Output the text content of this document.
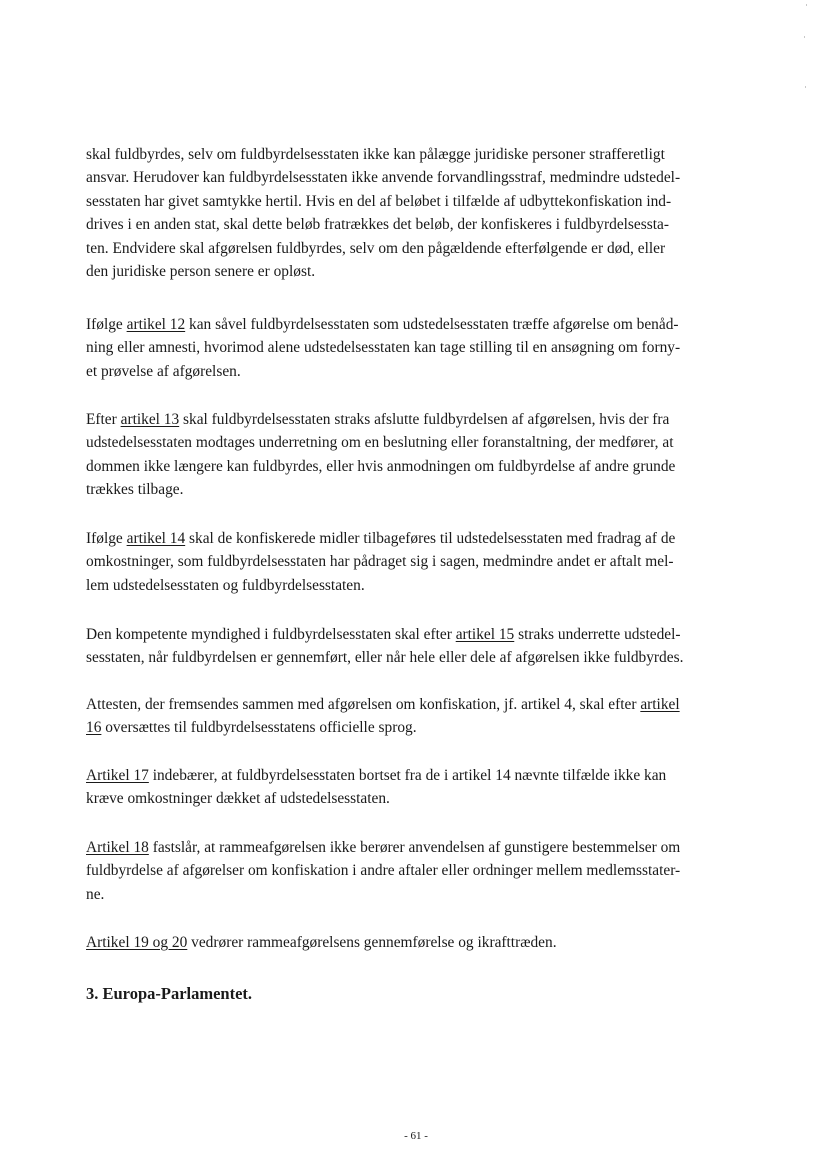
skal fuldbyrdes, selv om fuldbyrdelsesstaten ikke kan pålægge juridiske personer strafferetligt
ansvar. Herudover kan fuldbyrdelsesstaten ikke anvende forvandlingsstraf, medmindre udstedel-
sesstaten har givet samtykke hertil. Hvis en del af beløbet i tilfælde af udbyttekonfiskation ind-
drives i en anden stat, skal dette beløb fratrækkes det beløb, der konfiskeres i fuldbyrdelsessta-
ten. Endvidere skal afgørelsen fuldbyrdes, selv om den pågældende efterfølgende er død, eller
den juridiske person senere er opløst.

Ifølge artikel 12 kan såvel fuldbyrdelsesstaten som udstedelsesstaten træffe afgørelse om benåd-
ning eller amnesti, hvorimod alene udstedelsesstaten kan tage stilling til en ansøgning om forny-
et prøvelse af afgørelsen.

Efter artikel 13 skal fuldbyrdelsesstaten straks afslutte fuldbyrdelsen af afgørelsen, hvis der fra
udstedelsesstaten modtages underretning om en beslutning eller foranstaltning, der medfører, at
dommen ikke længere kan fuldbyrdes, eller hvis anmodningen om fuldbyrdelse af andre grunde
trækkes tilbage.

Ifølge artikel 14 skal de konfiskerede midler tilbageføres til udstedelsesstaten med fradrag af de
omkostninger, som fuldbyrdelsesstaten har pådraget sig i sagen, medmindre andet er aftalt mel-
lem udstedelsesstaten og fuldbyrdelsesstaten.

Den kompetente myndighed i fuldbyrdelsesstaten skal efter artikel 15 straks underrette udstedel-
sesstaten, når fuldbyrdelsen er gennemført, eller når hele eller dele af afgørelsen ikke fuldbyrdes.

Attesten, der fremsendes sammen med afgørelsen om konfiskation, jf. artikel 4, skal efter artikel
16 oversættes til fuldbyrdelsesstatens officielle sprog.

Artikel 17 indebærer, at fuldbyrdelsesstaten bortset fra de i artikel 14 nævnte tilfælde ikke kan
kræve omkostninger dækket af udstedelsesstaten.

Artikel 18 fastslår, at rammeafgørelsen ikke berører anvendelsen af gunstigere bestemmelser om
fuldbyrdelse af afgørelser om konfiskation i andre aftaler eller ordninger mellem medlemsstater-
ne.

Artikel 19 og 20 vedrører rammeafgørelsens gennemførelse og ikrafttræden.

3. Europa-Parlamentet.
- 61 -
